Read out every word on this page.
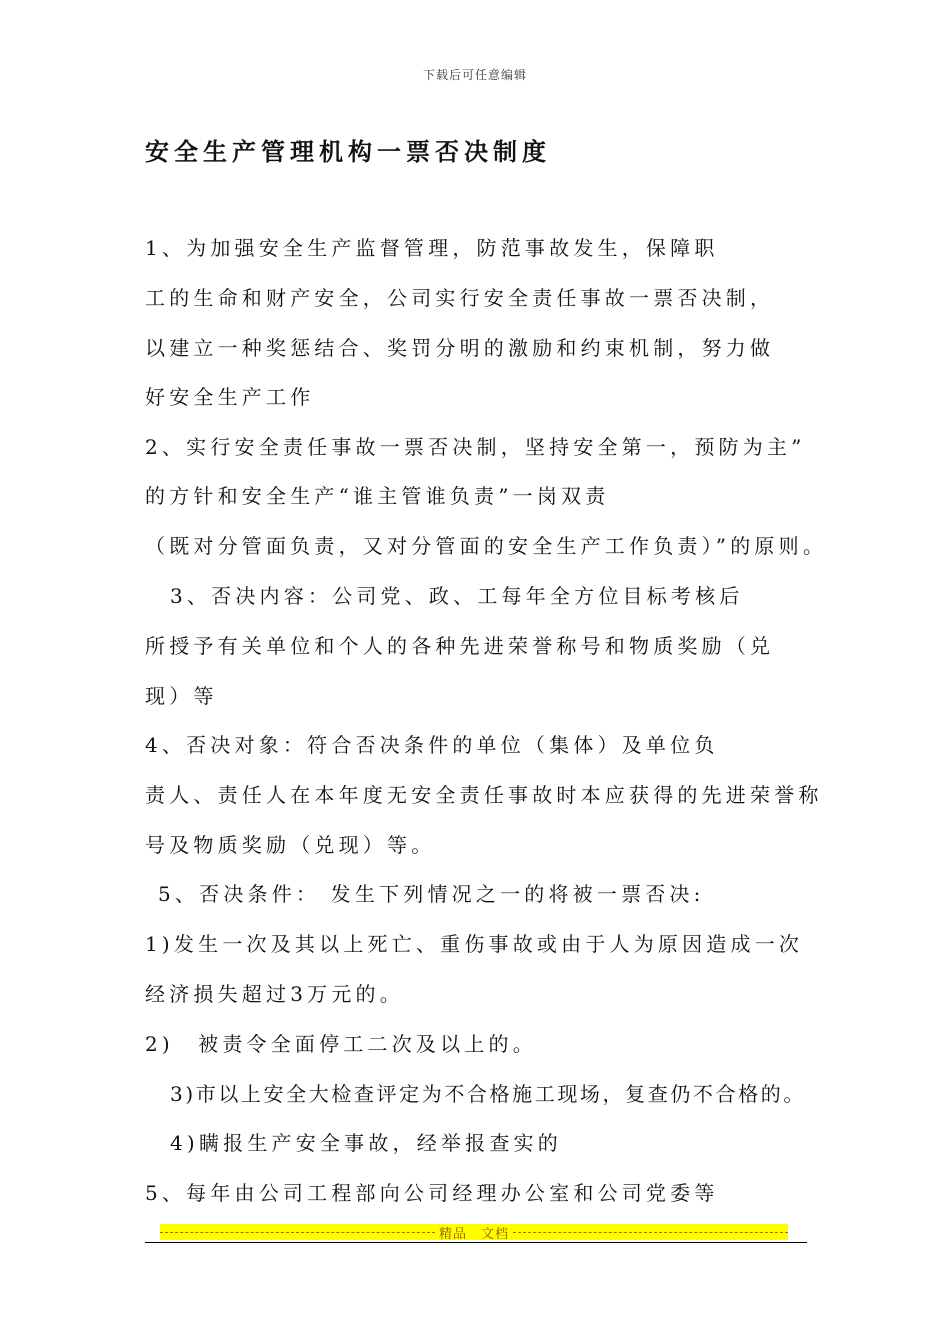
下载后可任意编辑
安全生产管理机构一票否决制度
1、为加强安全生产监督管理，防范事故发生，保障职
工的生命和财产安全，公司实行安全责任事故一票否决制，
以建立一种奖惩结合、奖罚分明的激励和约束机制，努力做
好安全生产工作
2、实行安全责任事故一票否决制，坚持安全第一，预防为主”
的方针和安全生产“谁主管谁负责”一岗双责
（既对分管面负责，又对分管面的安全生产工作负责）”的原则。
3、否决内容：公司党、政、工每年全方位目标考核后
所授予有关单位和个人的各种先进荣誉称号和物质奖励（兑
现）等
4、否决对象：符合否决条件的单位（集体）及单位负
责人、责任人在本年度无安全责任事故时本应获得的先进荣誉称
号及物质奖励（兑现）等。
5、否决条件： 发生下列情况之一的将被一票否决:
1)发生一次及其以上死亡、重伤事故或由于人为原因造成一次
经济损失超过3万元的。
2)　被责令全面停工二次及以上的。
3)市以上安全大检查评定为不合格施工现场，复查仍不合格的。
4)瞒报生产安全事故，经举报查实的
5、每年由公司工程部向公司经理办公室和公司党委等
精品　文档
